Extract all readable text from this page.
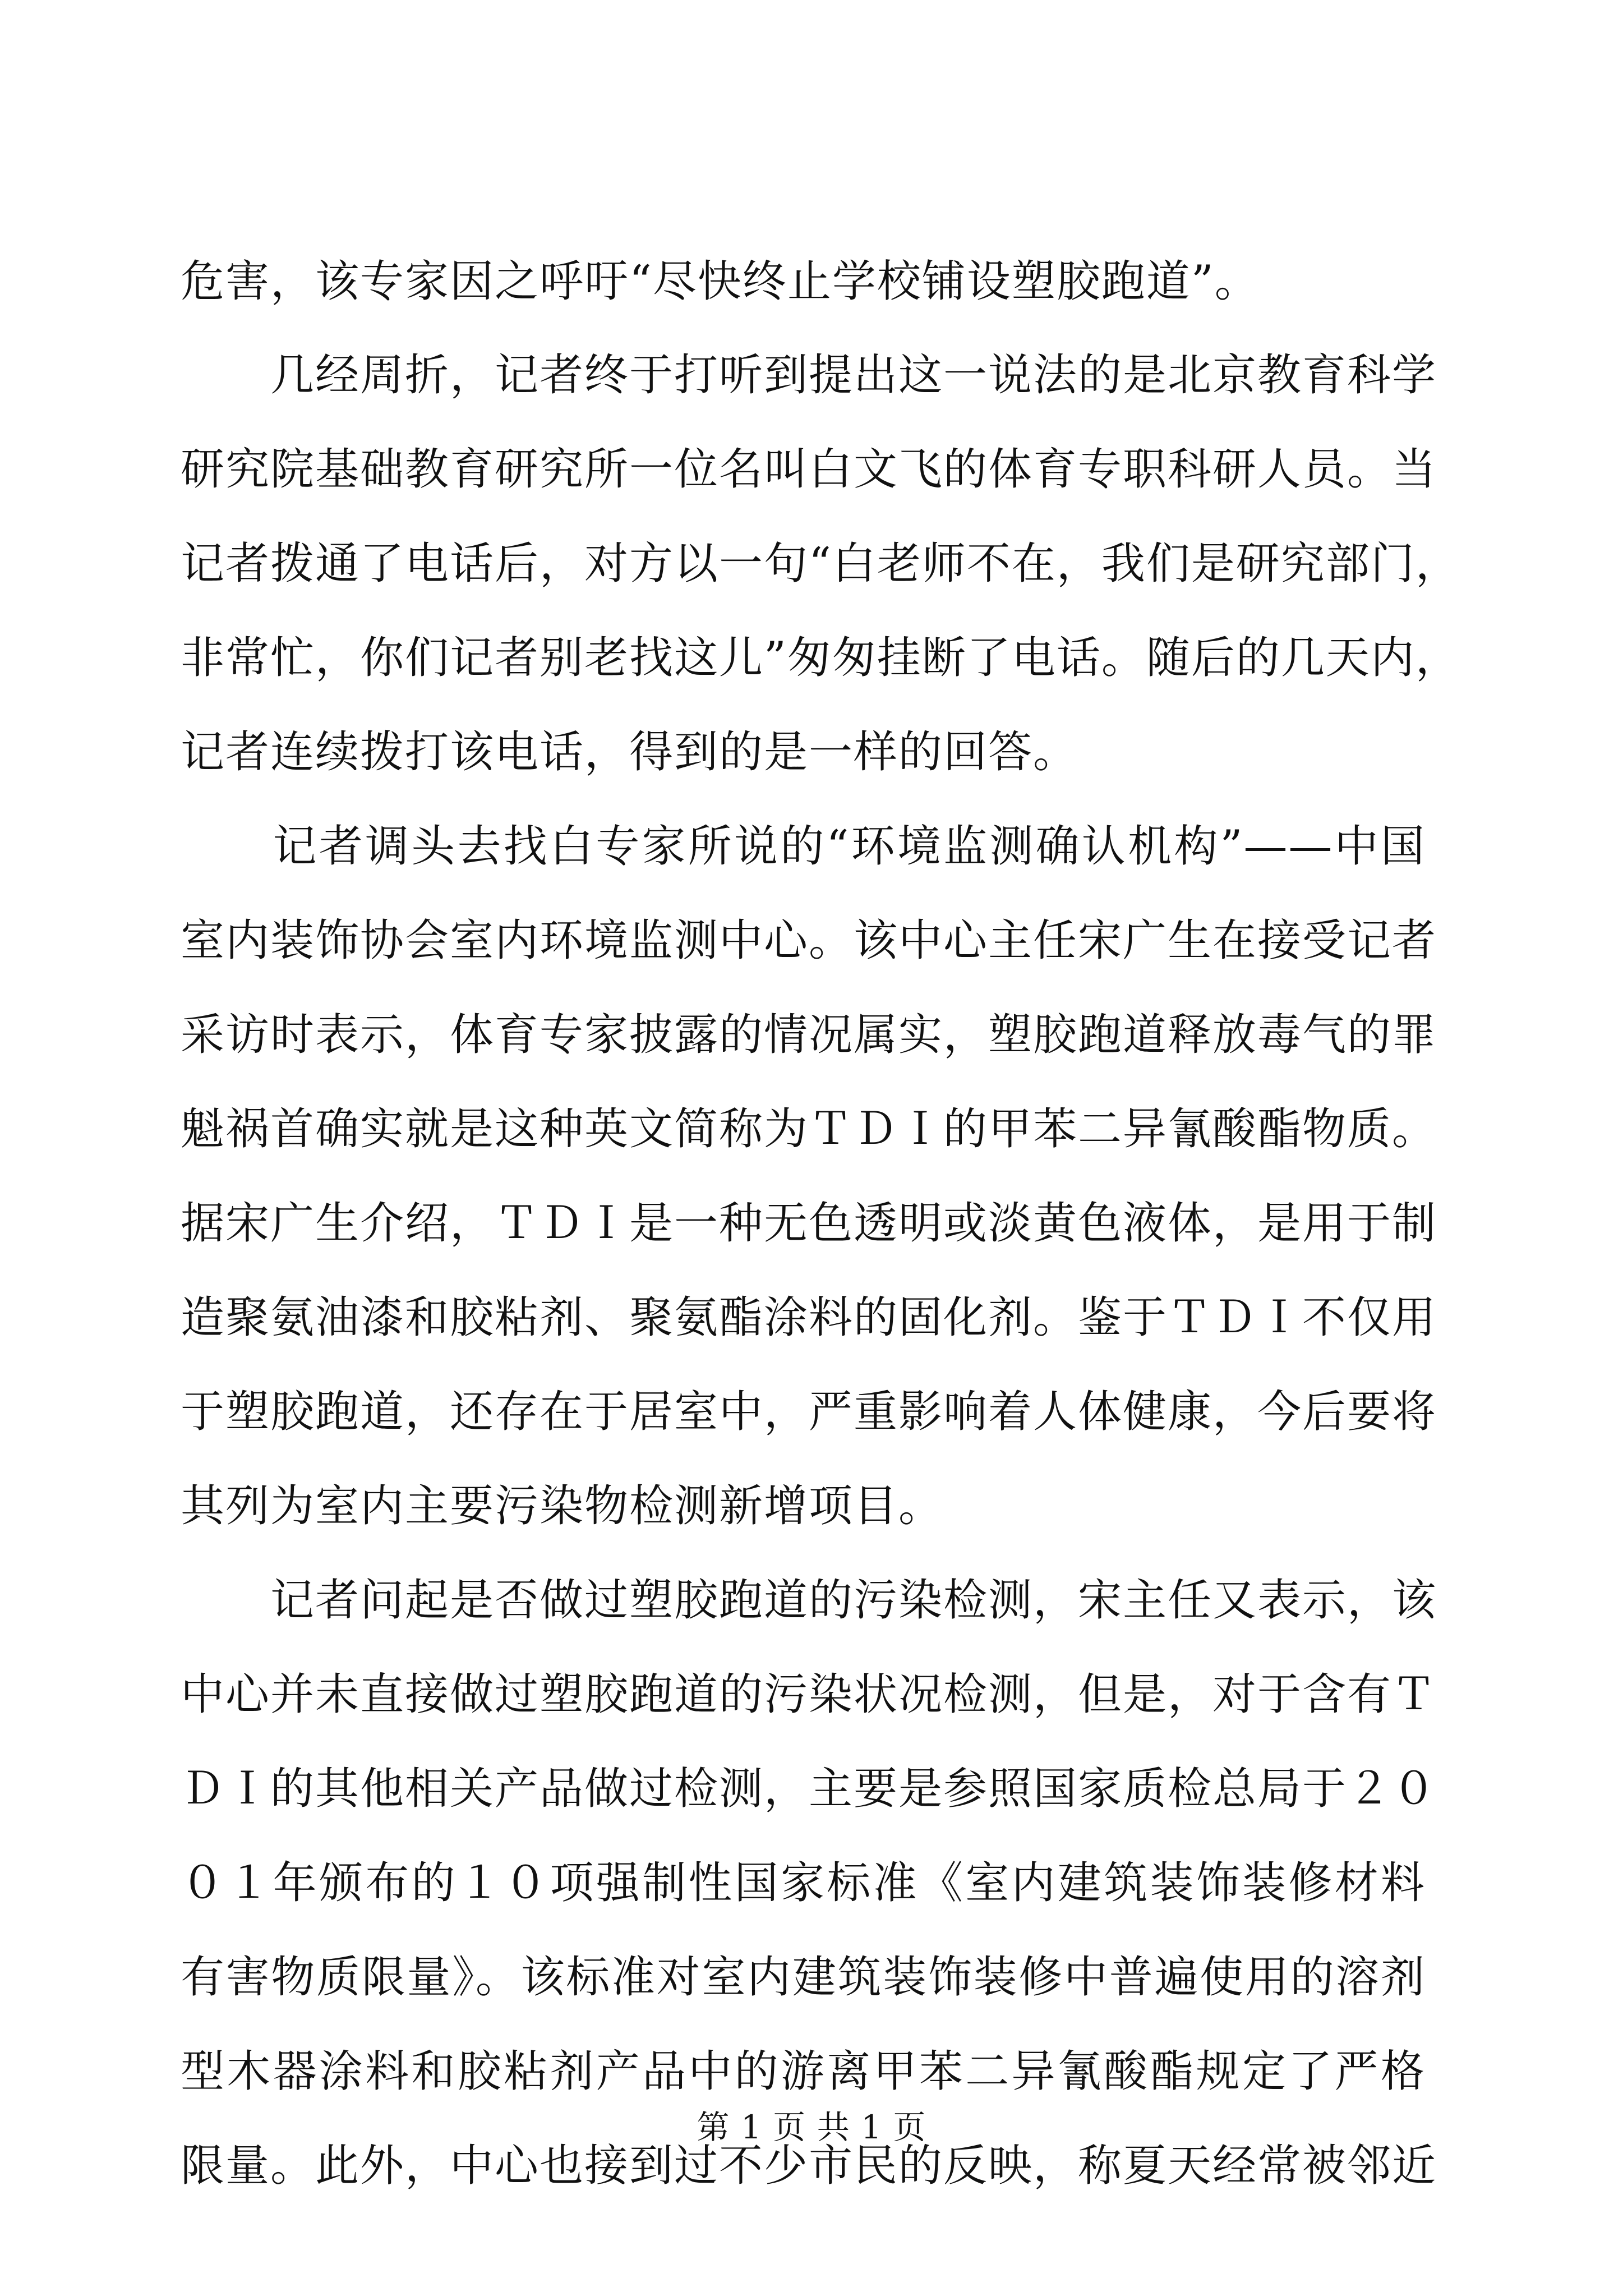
危害，该专家因之呼吁“尽快终止学校铺设塑胶跑道”。
　　几经周折，记者终于打听到提出这一说法的是北京教育科学
研究院基础教育研究所一位名叫白文飞的体育专职科研人员。当
记者拨通了电话后，对方以一句“白老师不在，我们是研究部门，
非常忙，你们记者别老找这儿”匆匆挂断了电话。随后的几天内，
记者连续拨打该电话，得到的是一样的回答。
　　记者调头去找白专家所说的“环境监测确认机构”——中国
室内装饰协会室内环境监测中心。该中心主任宋广生在接受记者
采访时表示，体育专家披露的情况属实，塑胶跑道释放毒气的罪
魁祸首确实就是这种英文简称为ＴＤＩ的甲苯二异氰酸酯物质。
据宋广生介绍，ＴＤＩ是一种无色透明或淡黄色液体，是用于制
造聚氨油漆和胶粘剂、聚氨酯涂料的固化剂。鉴于ＴＤＩ不仅用
于塑胶跑道，还存在于居室中，严重影响着人体健康，今后要将
其列为室内主要污染物检测新增项目。
　　记者问起是否做过塑胶跑道的污染检测，宋主任又表示，该
中心并未直接做过塑胶跑道的污染状况检测，但是，对于含有Ｔ
ＤＩ的其他相关产品做过检测，主要是参照国家质检总局于２０
０１年颁布的１０项强制性国家标准《室内建筑装饰装修材料
有害物质限量》。该标准对室内建筑装饰装修中普遍使用的溶剂
型木器涂料和胶粘剂产品中的游离甲苯二异氰酸酯规定了严格
限量。此外，中心也接到过不少市民的反映，称夏天经常被邻近
第 1 页 共 1 页
